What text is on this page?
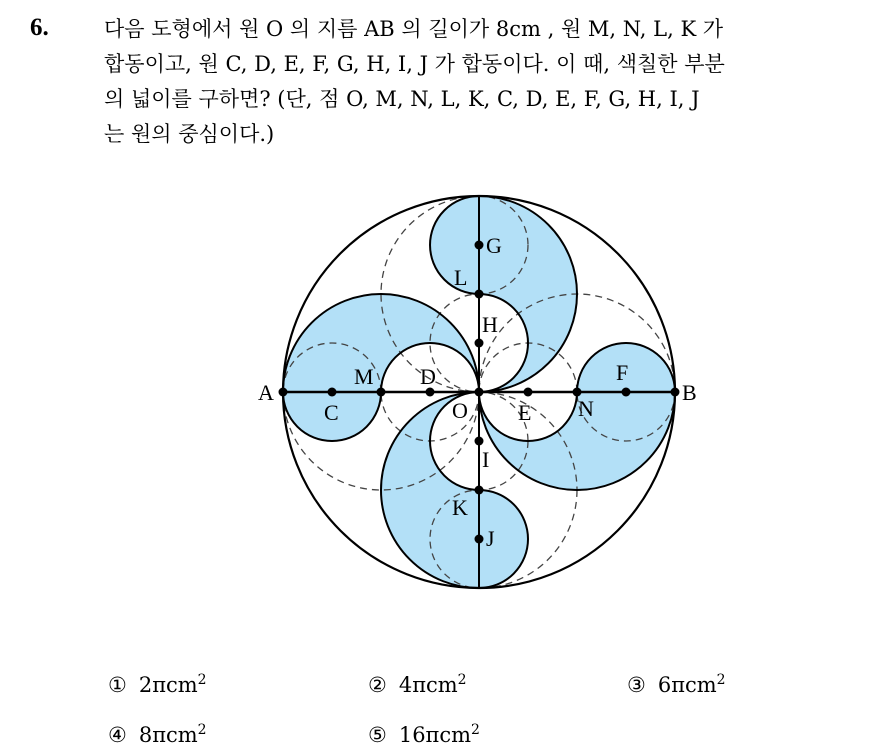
6.	다음 도형에서 원 O 의 지름 AB 의 길이가 8cm , 원 M, N, L, K 가
합동이고, 원 C, D, E, F, G, H, I, J 가 합동이다. 이 때, 색칠한 부분
의 넓이를 구하면? (단, 점 O, M, N, L, K, C, D, E, F, G, H, I, J
는 원의 중심이다.)

A	B
O
M
N
L
K
C
D
E
F
G
H
I
J
① 2πcm$^2$	② 4πcm$^2$	③ 6πcm$^2$
④ 8πcm$^2$	⑤ 16πcm$^2$
